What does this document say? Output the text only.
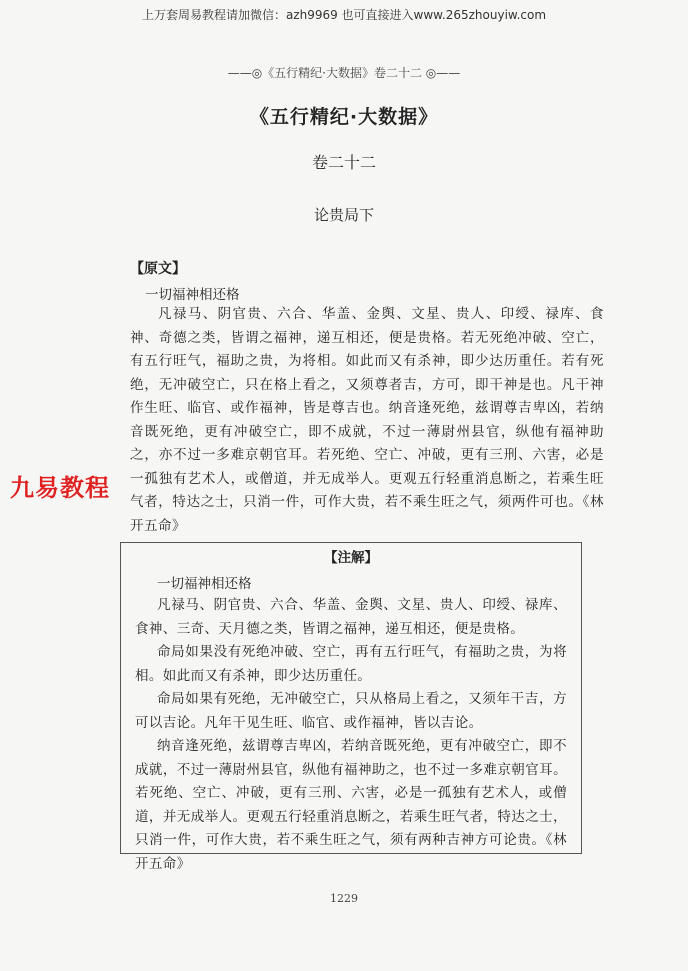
上万套周易教程请加微信：azh9969 也可直接进入www.265zhouyiw.com
——◎《五行精纪·大数据》卷二十二 ◎——
《五行精纪·大数据》
卷二十二
论贵局下
【原文】
一切福神相还格
凡禄马、阴官贵、六合、华盖、金舆、文星、贵人、印绶、禄库、食神、奇德之类，皆谓之福神，递互相还，便是贵格。若无死绝冲破、空亡，有五行旺气，福助之贵，为将相。如此而又有杀神，即少达历重任。若有死绝，无冲破空亡，只在格上看之，又须尊者吉，方可，即干神是也。凡干神作生旺、临官、或作福神，皆是尊吉也。纳音逢死绝，兹谓尊吉卑凶，若纳音既死绝，更有冲破空亡，即不成就，不过一薄尉州县官，纵他有福神助之，亦不过一多难京朝官耳。若死绝、空亡、冲破，更有三刑、六害，必是一孤独有艺术人，或僧道，并无成举人。更观五行轻重消息断之，若乘生旺气者，特达之士，只消一件，可作大贵，若不乘生旺之气，须两件可也。《林开五命》
九易教程
【注解】
一切福神相还格

凡禄马、阴官贵、六合、华盖、金舆、文星、贵人、印绶、禄库、食神、三奇、天月德之类，皆谓之福神，递互相还，便是贵格。

命局如果没有死绝冲破、空亡，再有五行旺气，有福助之贵，为将相。如此而又有杀神，即少达历重任。

命局如果有死绝，无冲破空亡，只从格局上看之，又须年干吉，方可以吉论。凡年干见生旺、临官、或作福神，皆以吉论。

纳音逢死绝，兹谓尊吉卑凶，若纳音既死绝，更有冲破空亡，即不成就，不过一薄尉州县官，纵他有福神助之，也不过一多难京朝官耳。若死绝、空亡、冲破，更有三刑、六害，必是一孤独有艺术人，或僧道，并无成举人。更观五行轻重消息断之，若乘生旺气者，特达之士，只消一件，可作大贵，若不乘生旺之气，须有两种吉神方可论贵。《林开五命》

1229
